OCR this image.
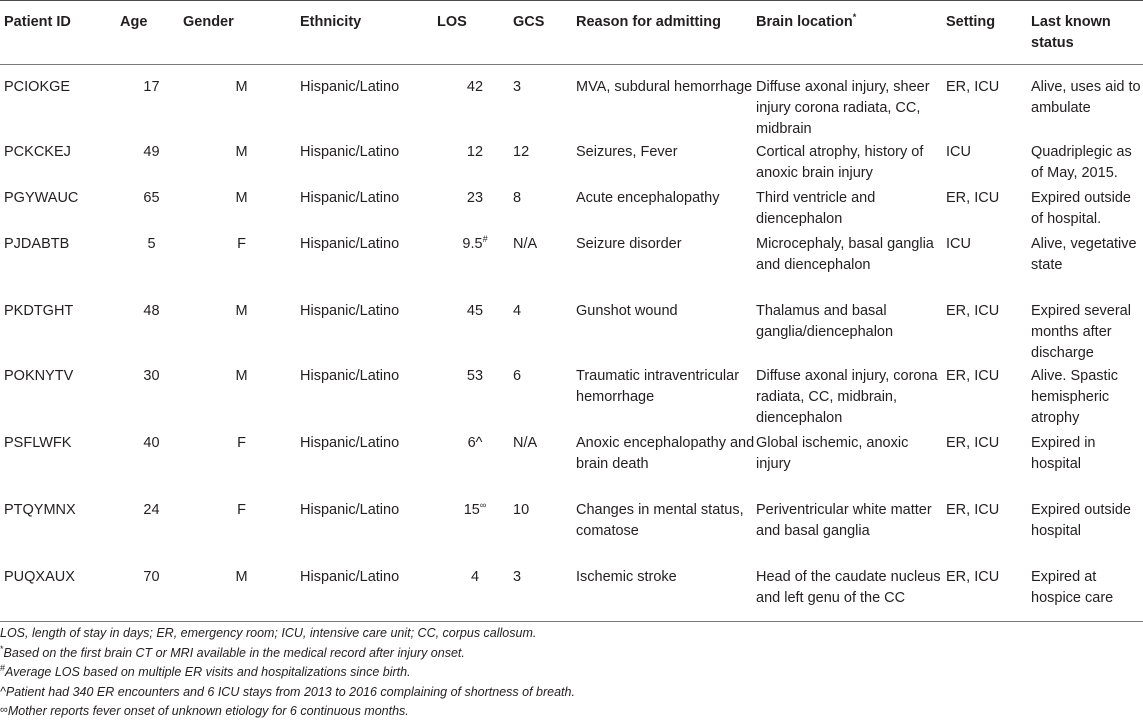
Patient ID	Age	Gender	Ethnicity	LOS	GCS	Reason for admitting	Brain location*	Setting	Last known status
PCIOKGE	17	M	Hispanic/Latino	42	3	MVA, subdural hemorrhage	Diffuse axonal injury, sheer injury corona radiata, CC, midbrain	ER, ICU	Alive, uses aid to ambulate
PCKCKEJ	49	M	Hispanic/Latino	12	12	Seizures, Fever	Cortical atrophy, history of anoxic brain injury	ICU	Quadriplegic as of May, 2015.
PGYWAUC	65	M	Hispanic/Latino	23	8	Acute encephalopathy	Third ventricle and diencephalon	ER, ICU	Expired outside of hospital.
PJDABTB	5	F	Hispanic/Latino	9.5#	N/A	Seizure disorder	Microcephaly, basal ganglia and diencephalon	ICU	Alive, vegetative state
PKDTGHT	48	M	Hispanic/Latino	45	4	Gunshot wound	Thalamus and basal ganglia/diencephalon	ER, ICU	Expired several months after discharge
POKNYTV	30	M	Hispanic/Latino	53	6	Traumatic intraventricular hemorrhage	Diffuse axonal injury, corona radiata, CC, midbrain, diencephalon	ER, ICU	Alive. Spastic hemispheric atrophy
PSFLWFK	40	F	Hispanic/Latino	6^	N/A	Anoxic encephalopathy and brain death	Global ischemic, anoxic injury	ER, ICU	Expired in hospital
PTQYMNX	24	F	Hispanic/Latino	15∞	10	Changes in mental status, comatose	Periventricular white matter and basal ganglia	ER, ICU	Expired outside hospital
PUQXAUX	70	M	Hispanic/Latino	4	3	Ischemic stroke	Head of the caudate nucleus and left genu of the CC	ER, ICU	Expired at hospice care
LOS, length of stay in days; ER, emergency room; ICU, intensive care unit; CC, corpus callosum.
*Based on the first brain CT or MRI available in the medical record after injury onset.
#Average LOS based on multiple ER visits and hospitalizations since birth.
^Patient had 340 ER encounters and 6 ICU stays from 2013 to 2016 complaining of shortness of breath.
∞Mother reports fever onset of unknown etiology for 6 continuous months.
